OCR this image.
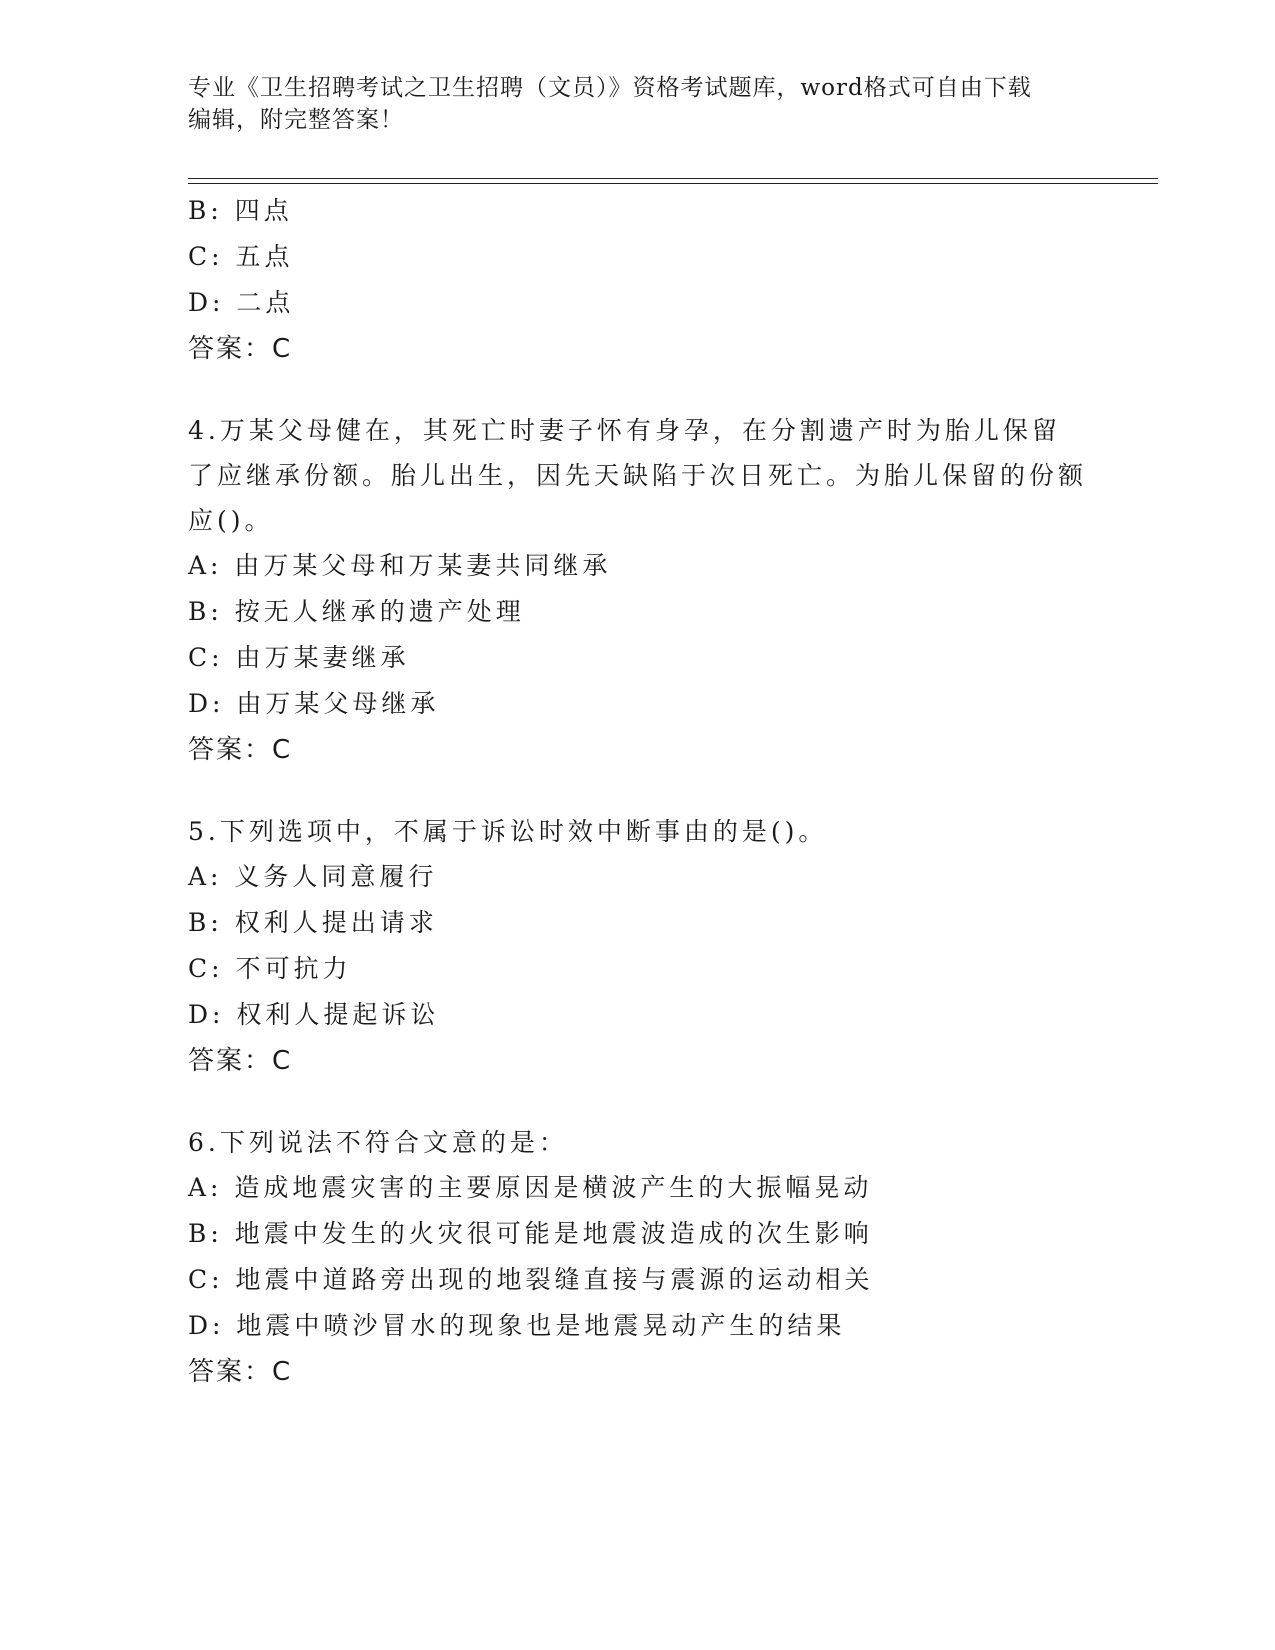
专业《卫生招聘考试之卫生招聘（文员）》资格考试题库，word格式可自由下载
编辑，附完整答案！
B: 四点
C: 五点
D: 二点
答案：C
4.万某父母健在，其死亡时妻子怀有身孕，在分割遗产时为胎儿保留了应继承份额。胎儿出生，因先天缺陷于次日死亡。为胎儿保留的份额应()。
A: 由万某父母和万某妻共同继承
B: 按无人继承的遗产处理
C: 由万某妻继承
D: 由万某父母继承
答案：C
5.下列选项中，不属于诉讼时效中断事由的是()。
A: 义务人同意履行
B: 权利人提出请求
C: 不可抗力
D: 权利人提起诉讼
答案：C
6.下列说法不符合文意的是：
A: 造成地震灾害的主要原因是横波产生的大振幅晃动
B: 地震中发生的火灾很可能是地震波造成的次生影响
C: 地震中道路旁出现的地裂缝直接与震源的运动相关
D: 地震中喷沙冒水的现象也是地震晃动产生的结果
答案：C
